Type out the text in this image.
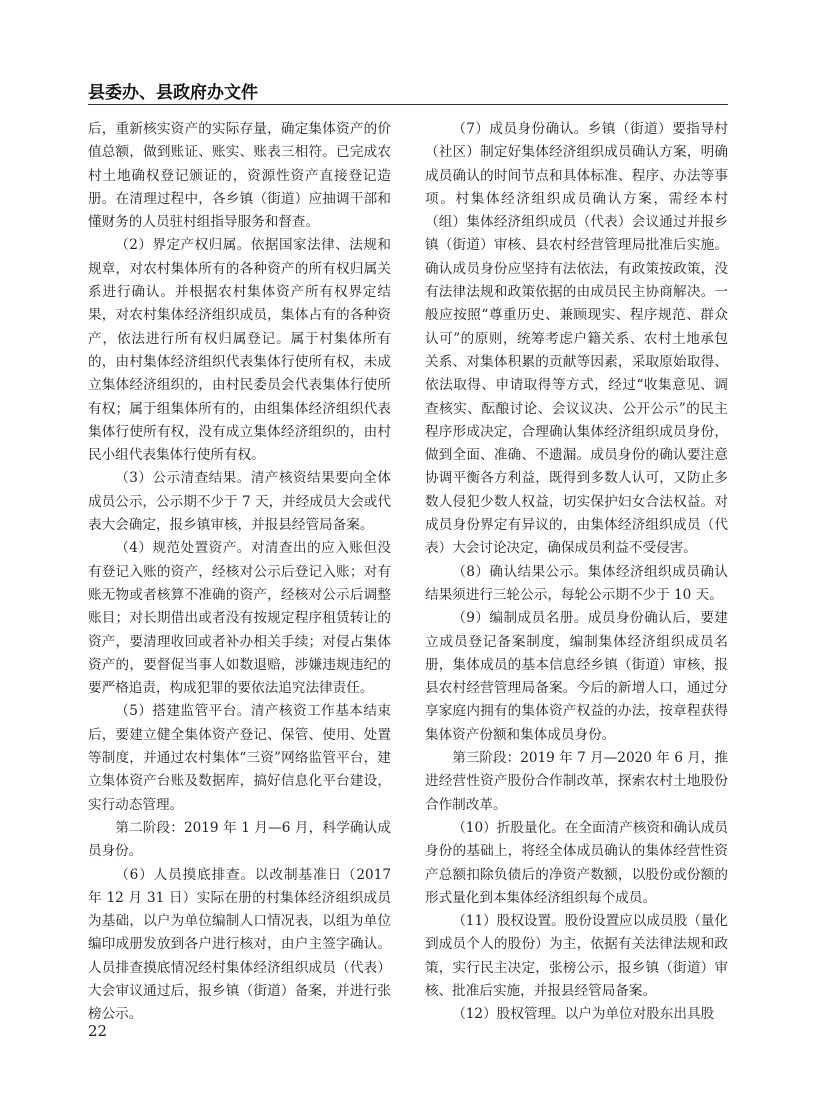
县委办、县政府办文件

后，重新核实资产的实际存量，确定集体资产的价值总额，做到账证、账实、账表三相符。已完成农村土地确权登记颁证的，资源性资产直接登记造册。在清理过程中，各乡镇（街道）应抽调干部和懂财务的人员驻村组指导服务和督查。

（2）界定产权归属。依据国家法律、法规和规章，对农村集体所有的各种资产的所有权归属关系进行确认。并根据农村集体资产所有权界定结果，对农村集体经济组织成员，集体占有的各种资产，依法进行所有权归属登记。属于村集体所有的，由村集体经济组织代表集体行使所有权，未成立集体经济组织的，由村民委员会代表集体行使所有权；属于组集体所有的，由组集体经济组织代表集体行使所有权，没有成立集体经济组织的，由村民小组代表集体行使所有权。

（3）公示清查结果。清产核资结果要向全体成员公示，公示期不少于 7 天，并经成员大会或代表大会确定，报乡镇审核，并报县经管局备案。

（4）规范处置资产。对清查出的应入账但没有登记入账的资产，经核对公示后登记入账；对有账无物或者核算不准确的资产，经核对公示后调整账目；对长期借出或者没有按规定程序租赁转让的资产，要清理收回或者补办相关手续；对侵占集体资产的，要督促当事人如数退赔，涉嫌违规违纪的要严格追责，构成犯罪的要依法追究法律责任。

（5）搭建监管平台。清产核资工作基本结束后，要建立健全集体资产登记、保管、使用、处置等制度，并通过农村集体“三资”网络监管平台，建立集体资产台账及数据库，搞好信息化平台建设，实行动态管理。

第二阶段：2019 年 1 月—6 月，科学确认成员身份。

（6）人员摸底排查。以改制基准日（2017 年 12 月 31 日）实际在册的村集体经济组织成员为基础，以户为单位编制人口情况表，以组为单位编印成册发放到各户进行核对，由户主签字确认。人员排查摸底情况经村集体经济组织成员（代表）大会审议通过后，报乡镇（街道）备案，并进行张榜公示。

（7）成员身份确认。乡镇（街道）要指导村（社区）制定好集体经济组织成员确认方案，明确成员确认的时间节点和具体标准、程序、办法等事项。村集体经济组织成员确认方案，需经本村（组）集体经济组织成员（代表）会议通过并报乡镇（街道）审核、县农村经营管理局批准后实施。确认成员身份应坚持有法依法，有政策按政策，没有法律法规和政策依据的由成员民主协商解决。一般应按照“尊重历史、兼顾现实、程序规范、群众认可”的原则，统筹考虑户籍关系、农村土地承包关系、对集体积累的贡献等因素，采取原始取得、依法取得、申请取得等方式，经过“收集意见、调查核实、酝酿讨论、会议议决、公开公示”的民主程序形成决定，合理确认集体经济组织成员身份，做到全面、准确、不遗漏。成员身份的确认要注意协调平衡各方利益，既得到多数人认可，又防止多数人侵犯少数人权益，切实保护妇女合法权益。对成员身份界定有异议的，由集体经济组织成员（代表）大会讨论决定，确保成员利益不受侵害。

（8）确认结果公示。集体经济组织成员确认结果须进行三轮公示，每轮公示期不少于 10 天。

（9）编制成员名册。成员身份确认后，要建立成员登记备案制度，编制集体经济组织成员名册，集体成员的基本信息经乡镇（街道）审核，报县农村经营管理局备案。今后的新增人口，通过分享家庭内拥有的集体资产权益的办法，按章程获得集体资产份额和集体成员身份。

第三阶段：2019 年 7 月—2020 年 6 月，推进经营性资产股份合作制改革，探索农村土地股份合作制改革。

（10）折股量化。在全面清产核资和确认成员身份的基础上，将经全体成员确认的集体经营性资产总额扣除负债后的净资产数额，以股份或份额的形式量化到本集体经济组织每个成员。

（11）股权设置。股份设置应以成员股（量化到成员个人的股份）为主，依据有关法律法规和政策，实行民主决定，张榜公示，报乡镇（街道）审核、批准后实施，并报县经管局备案。

（12）股权管理。以户为单位对股东出具股

22
